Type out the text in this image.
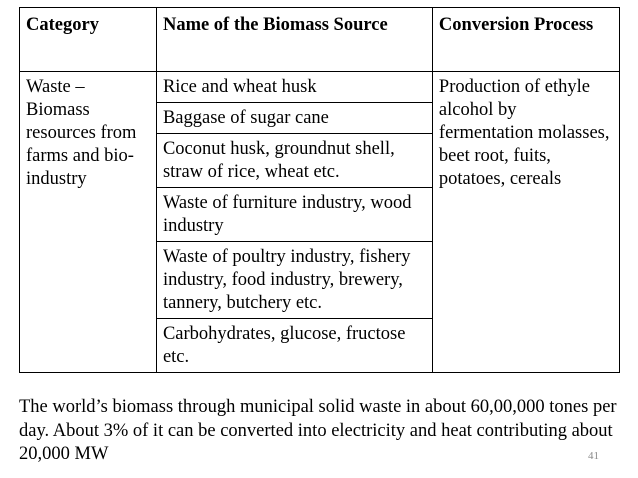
Category	Name of the Biomass Source	Conversion Process
Waste – Biomass resources from farms and bio-industry	Rice and wheat husk	Production of ethyle alcohol by fermentation molasses, beet root, fuits, potatoes, cereals
	Baggase of sugar cane	
	Coconut husk, groundnut shell, straw of rice, wheat etc.	
	Waste of furniture industry, wood industry	
	Waste of poultry industry, fishery industry, food industry, brewery, tannery, butchery etc.	
	Carbohydrates, glucose, fructose etc.	
The world’s biomass through municipal solid waste in about 60,00,000 tones per day. About 3% of it can be converted into electricity and heat contributing about 20,000 MW	41
